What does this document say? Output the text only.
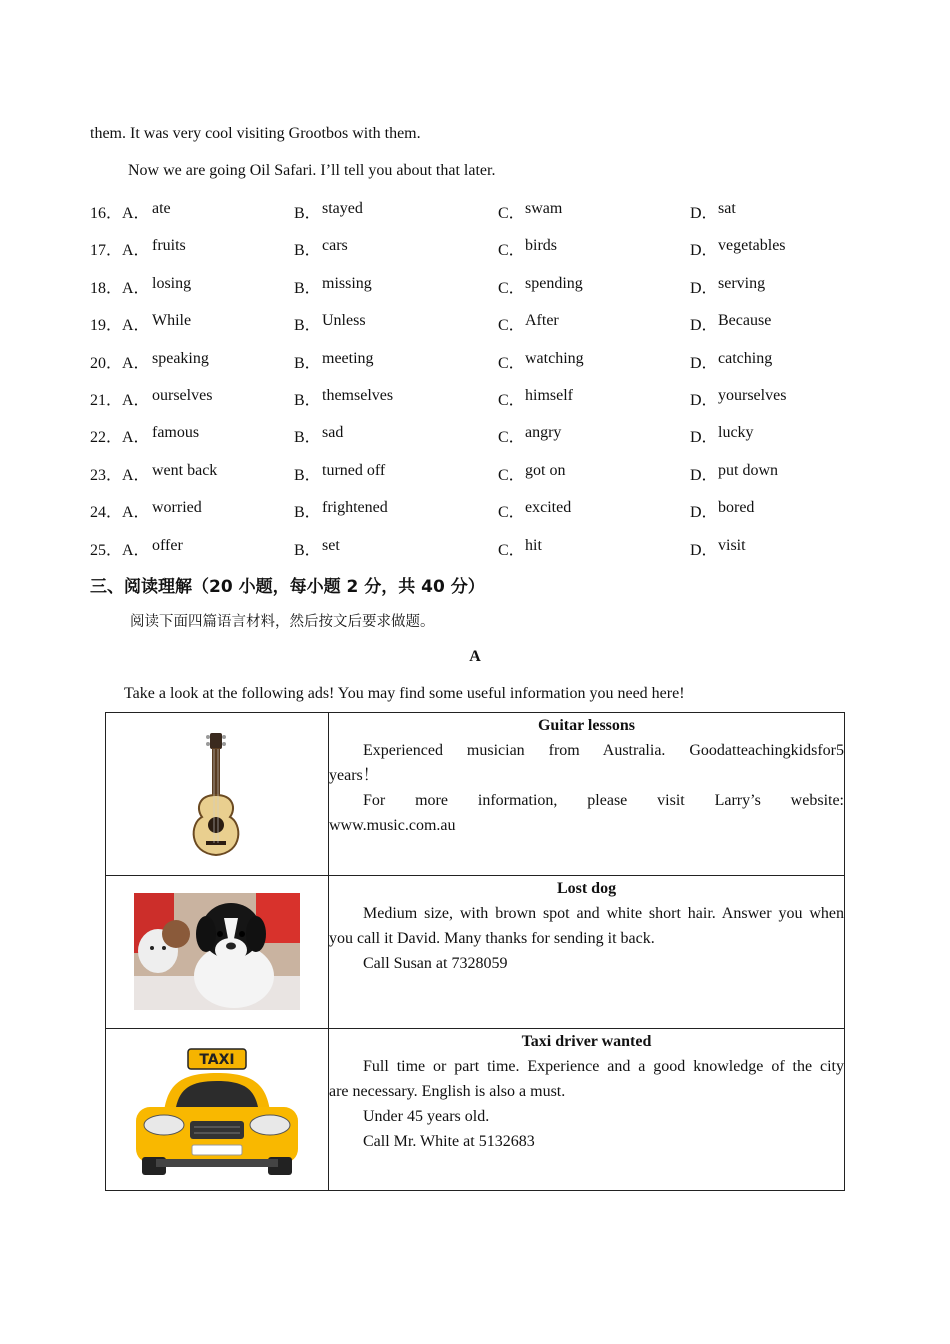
them. It was very cool visiting Grootbos with them.
Now we are going Oil Safari. I’ll tell you about that later.
16．A． ate	B． stayed	C． swam	D． sat
17．A． fruits	B． cars	C． birds	D． vegetables
18．A． losing	B． missing	C． spending	D． serving
19．A． While	B． Unless	C． After	D． Because
20．A． speaking	B． meeting	C． watching	D． catching
21．A． ourselves	B． themselves	C． himself	D． yourselves
22．A． famous	B． sad	C． angry	D． lucky
23．A． went back	B． turned off	C． got on	D． put down
24．A． worried	B． frightened	C． excited	D． bored
25．A． offer	B． set	C． hit	D． visit
三、阅读理解（20 小题，每小题 2 分，共 40 分）
阅读下面四篇语言材料，然后按文后要求做题。
A
Take a look at the following ads! You may find some useful information you need here!

Guitar lessons

Experienced musician from Australia. Goodatteachingkidsfor5

years！

For more information, please visit Larry’s website:

www.music.com.au

Lost dog

Medium size, with brown spot and white short hair. Answer you when

you call it David. Many thanks for sending it back.

Call Susan at 7328059

TAXI	Taxi driver wanted

Full time or part time. Experience and a good knowledge of the city

are necessary. English is also a must.

Under 45 years old.

Call Mr. White at 5132683
